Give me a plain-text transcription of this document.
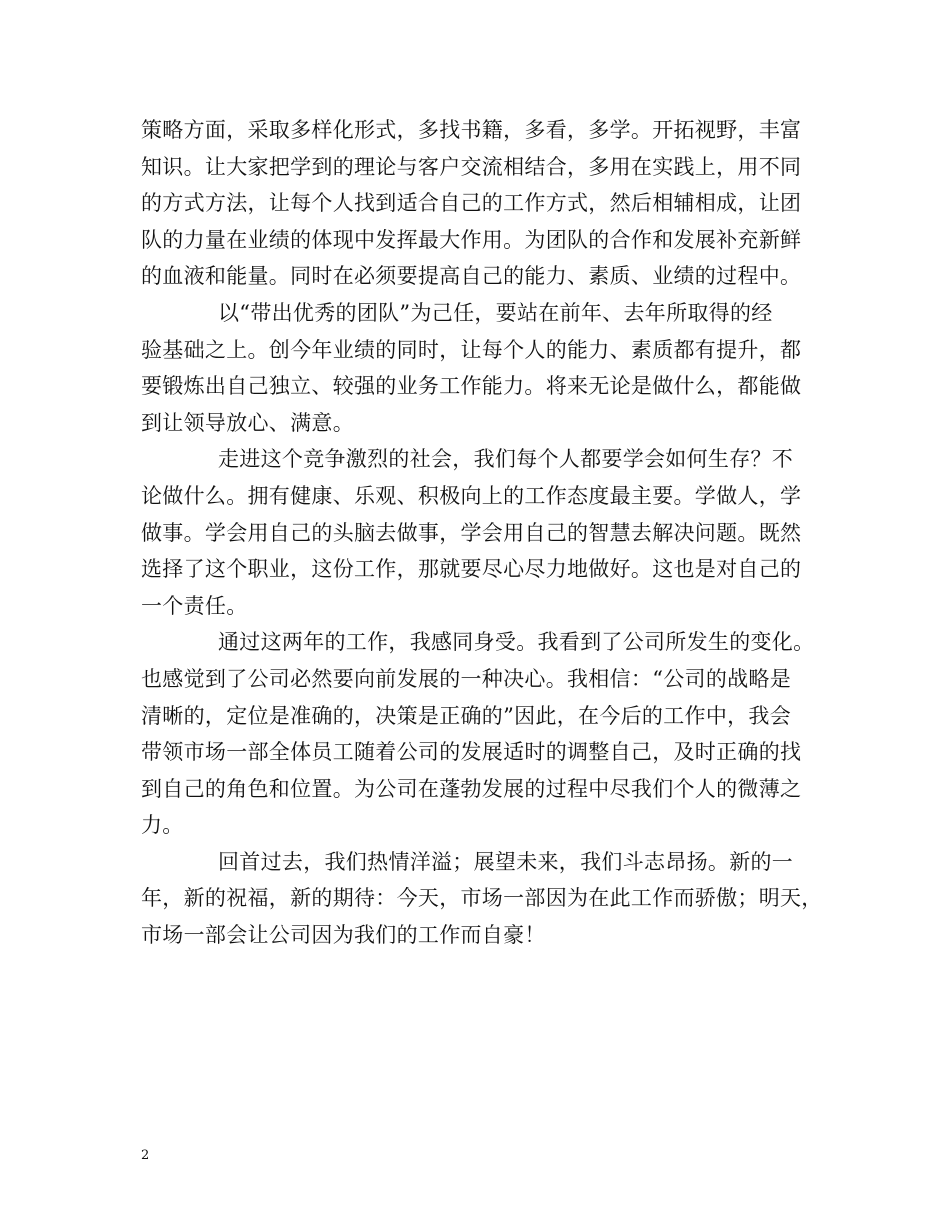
策略方面，采取多样化形式，多找书籍，多看，多学。开拓视野，丰富
知识。让大家把学到的理论与客户交流相结合，多用在实践上，用不同
的方式方法，让每个人找到适合自己的工作方式，然后相辅相成，让团
队的力量在业绩的体现中发挥最大作用。为团队的合作和发展补充新鲜
的血液和能量。同时在必须要提高自己的能力、素质、业绩的过程中。
以“带出优秀的团队”为己任，要站在前年、去年所取得的经
验基础之上。创今年业绩的同时，让每个人的能力、素质都有提升，都
要锻炼出自己独立、较强的业务工作能力。将来无论是做什么，都能做
到让领导放心、满意。
走进这个竞争激烈的社会，我们每个人都要学会如何生存？不
论做什么。拥有健康、乐观、积极向上的工作态度最主要。学做人，学
做事。学会用自己的头脑去做事，学会用自己的智慧去解决问题。既然
选择了这个职业，这份工作，那就要尽心尽力地做好。这也是对自己的
一个责任。
通过这两年的工作，我感同身受。我看到了公司所发生的变化。
也感觉到了公司必然要向前发展的一种决心。我相信：“公司的战略是
清晰的，定位是准确的，决策是正确的”因此，在今后的工作中，我会
带领市场一部全体员工随着公司的发展适时的调整自己，及时正确的找
到自己的角色和位置。为公司在蓬勃发展的过程中尽我们个人的微薄之
力。
回首过去，我们热情洋溢；展望未来，我们斗志昂扬。新的一
年，新的祝福，新的期待：今天，市场一部因为在此工作而骄傲；明天，
市场一部会让公司因为我们的工作而自豪！
2
